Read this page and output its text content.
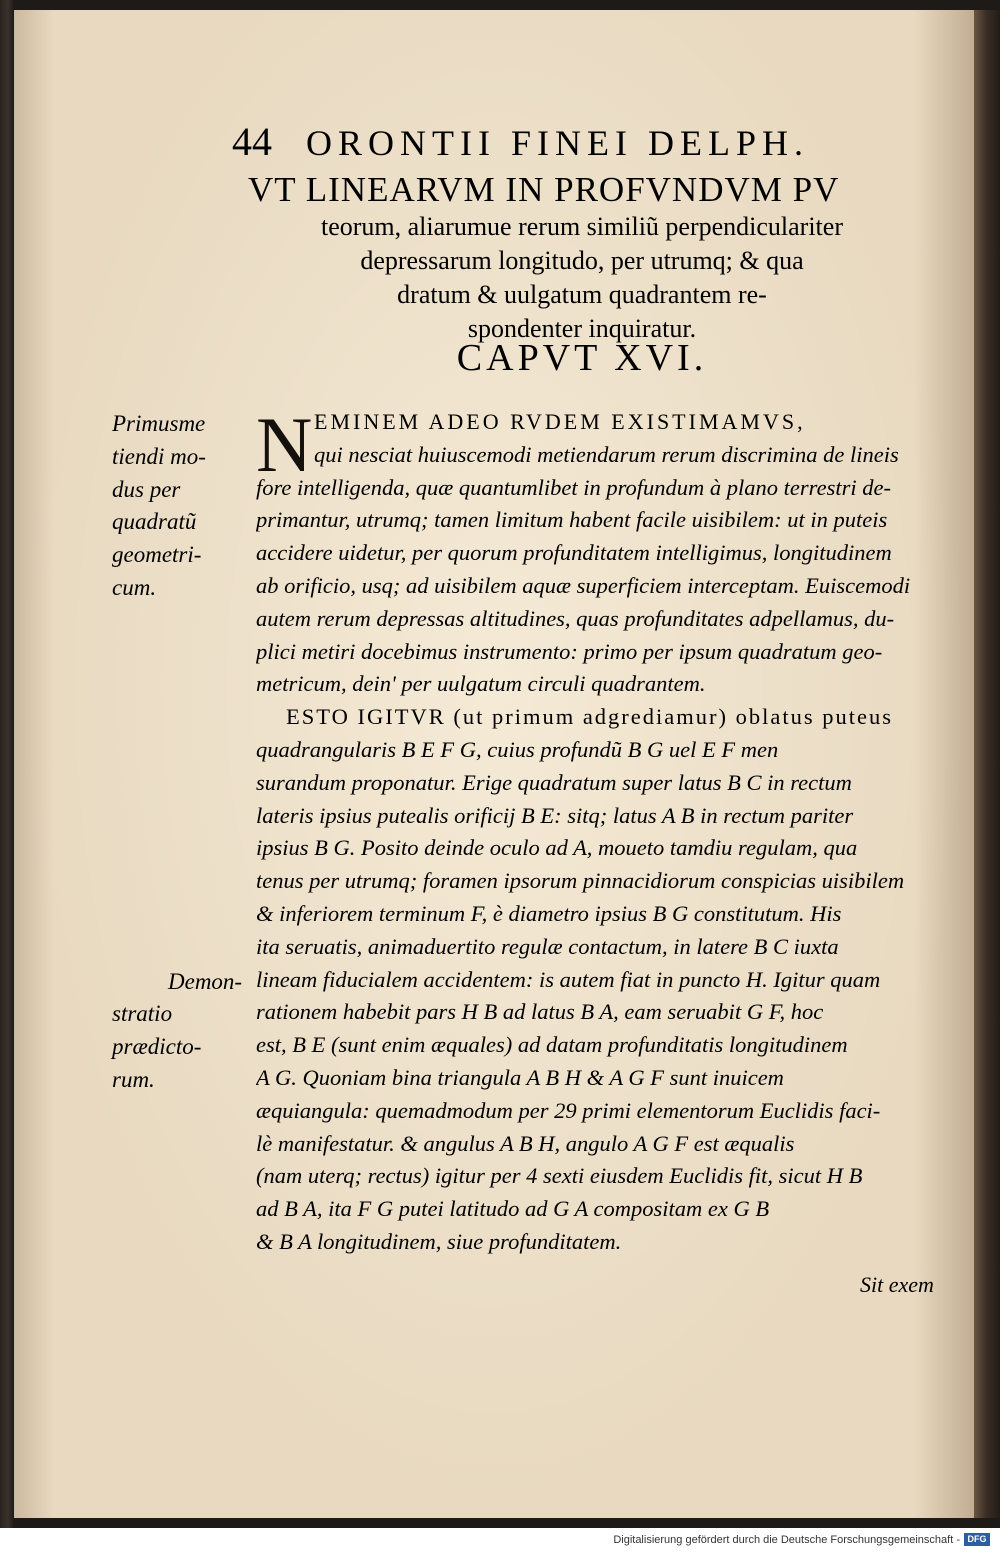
44 ORONTII FINEI DELPH.
VT LINEARVM IN PROFVNDVM PV
teorum, aliarumue rerum similiũ perpendiculariter
depressarum longitudo, per utrumq; & qua
dratum & uulgatum quadrantem re-
spondenter inquiratur.
CAPVT XVI.
Primusme
tiendi mo-
dus per
quadratũ
geometri-
cum.
Demon-
stratio
prædicto-
rum.
N EMINEM ADEO RVDEM EXISTIMAMVS,
qui nesciat huiuscemodi metiendarum rerum discrimina de lineis
fore intelligenda, quæ quantumlibet in profundum à plano terrestri de-
primantur, utrumq; tamen limitum habent facile uisibilem: ut in puteis
accidere uidetur, per quorum profunditatem intelligimus, longitudinem
ab orificio, usq; ad uisibilem aquæ superficiem interceptam. Euiscemodi
autem rerum depressas altitudines, quas profunditates adpellamus, du-
plici metiri docebimus instrumento: primo per ipsum quadratum geo-
metricum, dein' per uulgatum circuli quadrantem.
ESTO IGITVR (ut primum adgrediamur) oblatus puteus
quadrangularis B E F G, cuius profundũ B G uel E F men
surandum proponatur. Erige quadratum super latus B C in rectum
lateris ipsius putealis orificij B E: sitq; latus A B in rectum pariter
ipsius B G. Posito deinde oculo ad A, moueto tamdiu regulam, qua
tenus per utrumq; foramen ipsorum pinnacidiorum conspicias uisibilem
& inferiorem terminum F, è diametro ipsius B G constitutum. His
ita seruatis, animaduertito regulæ contactum, in latere B C iuxta
lineam fiducialem accidentem: is autem fiat in puncto H. Igitur quam
rationem habebit pars H B ad latus B A, eam seruabit G F, hoc
est, B E (sunt enim æquales) ad datam profunditatis longitudinem
A G. Quoniam bina triangula A B H & A G F sunt inuicem
æquiangula: quemadmodum per 29 primi elementorum Euclidis faci-
lè manifestatur. & angulus A B H, angulo A G F est æqualis
(nam uterq; rectus) igitur per 4 sexti eiusdem Euclidis fit, sicut H B
ad B A, ita F G putei latitudo ad G A compositam ex G B
& B A longitudinem, siue profunditatem.
Sit exem
Digitalisierung gefördert durch die Deutsche Forschungsgemeinschaft - DFG
